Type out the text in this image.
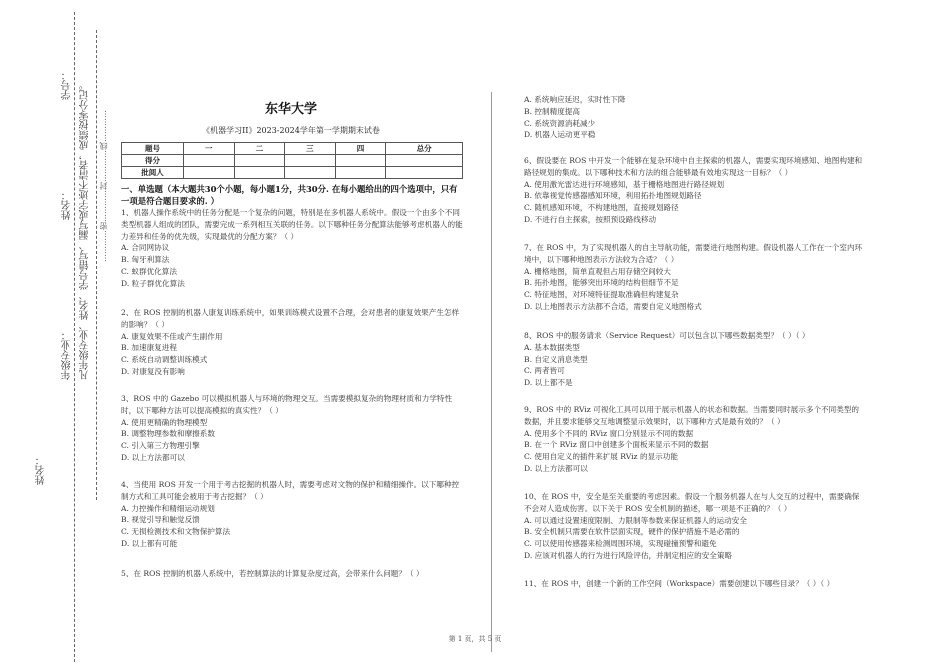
学号：
姓名：
年级专业：
姓名：
凡年级专业、姓名、学号错写、漏写或字迹不清者，成绩按零分记。 …………密…………封…………线…………
东华大学
《机器学习II》2023-2024学年第一学期期末试卷
题号	一	二	三	四	总分
得分					
批阅人					
一、单选题（本大题共30个小题，每小题1分，共30分. 在每小题给出的四个选项中，只有一项是符合题目要求的. ）

1、机器人操作系统中的任务分配是一个复杂的问题，特别是在多机器人系统中。假设一个由多个不同类型机器人组成的团队，需要完成一系列相互关联的任务。以下哪种任务分配算法能够考虑机器人的能力差异和任务的优先级，实现最优的分配方案？（ ）

A. 合同网协议

B. 匈牙利算法

C. 蚁群优化算法

D. 粒子群优化算法

2、在 ROS 控制的机器人康复训练系统中，如果训练模式设置不合理，会对患者的康复效果产生怎样的影响？（ ）

A. 康复效果不佳或产生副作用

B. 加速康复进程

C. 系统自动调整训练模式

D. 对康复没有影响

3、ROS 中的 Gazebo 可以模拟机器人与环境的物理交互。当需要模拟复杂的物理材质和力学特性时，以下哪种方法可以提高模拟的真实性？（ ）

A. 使用更精确的物理模型

B. 调整物理参数和摩擦系数

C. 引入第三方物理引擎

D. 以上方法都可以

4、当使用 ROS 开发一个用于考古挖掘的机器人时，需要考虑对文物的保护和精细操作。以下哪种控制方式和工具可能会被用于考古挖掘？（ ）

A. 力控操作和精细运动规划

B. 视觉引导和触觉反馈

C. 无损检测技术和文物保护算法

D. 以上都有可能

5、在 ROS 控制的机器人系统中，若控制算法的计算复杂度过高，会带来什么问题？（ ）

A. 系统响应延迟，实时性下降

B. 控制精度提高

C. 系统资源消耗减少

D. 机器人运动更平稳

6、假设要在 ROS 中开发一个能够在复杂环境中自主探索的机器人，需要实现环境感知、地图构建和路径规划的集成。以下哪种技术和方法的组合能够最有效地实现这一目标？（ ）

A. 使用激光雷达进行环境感知，基于栅格地图进行路径规划

B. 依靠视觉传感器感知环境，利用拓扑地图规划路径

C. 随机感知环境，不构建地图，直接规划路径

D. 不进行自主探索，按照预设路线移动

7、在 ROS 中，为了实现机器人的自主导航功能，需要进行地图构建。假设机器人工作在一个室内环境中，以下哪种地图表示方法较为合适？（ ）

A. 栅格地图，简单直观但占用存储空间较大

B. 拓扑地图，能够突出环境的结构但细节不足

C. 特征地图，对环境特征提取准确但构建复杂

D. 以上地图表示方法都不合适，需要自定义地图格式

8、ROS 中的服务请求（Service Request）可以包含以下哪些数据类型？（ ）（ ）

A. 基本数据类型

B. 自定义消息类型

C. 两者皆可

D. 以上都不是

9、ROS 中的 RViz 可视化工具可以用于展示机器人的状态和数据。当需要同时展示多个不同类型的数据，并且要求能够交互地调整显示效果时，以下哪种方式是最有效的？（ ）

A. 使用多个不同的 RViz 窗口分别显示不同的数据

B. 在一个 RViz 窗口中创建多个面板来显示不同的数据

C. 使用自定义的插件来扩展 RViz 的显示功能

D. 以上方法都可以

10、在 ROS 中，安全是至关重要的考虑因素。假设一个服务机器人在与人交互的过程中，需要确保不会对人造成伤害。以下关于 ROS 安全机制的描述，哪一项是不正确的？（ ）

A. 可以通过设置速度限制、力限制等参数来保证机器人的运动安全

B. 安全机制只需要在软件层面实现，硬件的保护措施不是必需的

C. 可以使用传感器来检测周围环境，实现碰撞预警和避免

D. 应该对机器人的行为进行风险评估，并制定相应的安全策略

11、在 ROS 中，创建一个新的工作空间（Workspace）需要创建以下哪些目录？（ ）（ ）

第 1 页，共 5 页
